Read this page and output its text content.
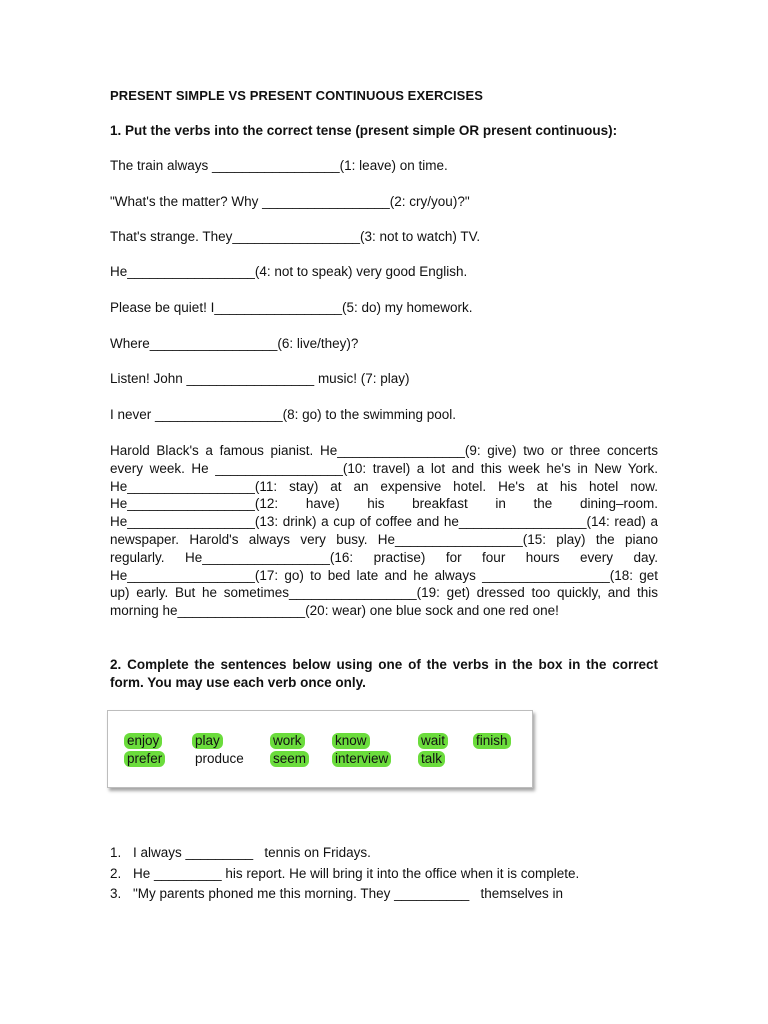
PRESENT SIMPLE VS PRESENT CONTINUOUS EXERCISES
1. Put the verbs into the correct tense (present simple OR present continuous):
The train always _________________(1: leave) on time.
"What's the matter? Why _________________(2: cry/you)?"
That's strange. They_________________(3: not to watch) TV.
He_________________(4: not to speak) very good English.
Please be quiet! I_________________(5: do) my homework.
Where_________________(6: live/they)?
Listen! John _________________ music! (7: play)
I never _________________(8: go) to the swimming pool.
Harold Black's a famous pianist. He_________________(9: give) two or three concerts
every week. He _________________(10: travel) a lot and this week he's in New York.
He_________________(11: stay) at an expensive hotel. He's at his hotel now.
He_________________(12: have) his breakfast in the dining–room.
He_________________(13: drink) a cup of coffee and he_________________(14: read) a
newspaper. Harold's always very busy. He_________________(15: play) the piano
regularly. He_________________(16: practise) for four hours every day.
He_________________(17: go) to bed late and he always _________________(18: get
up) early. But he sometimes_________________(19: get) dressed too quickly, and this
morning he_________________(20: wear) one blue sock and one red one!
2. Complete the sentences below using one of the verbs in the box in the correct
form. You may use each verb once only.
enjoy	play	work know	wait finish
prefer produce seem interview talk
1. I always _________   tennis on Fridays.
2. He _________ his report. He will bring it into the office when it is complete.
3. "My parents phoned me this morning. They __________   themselves in
